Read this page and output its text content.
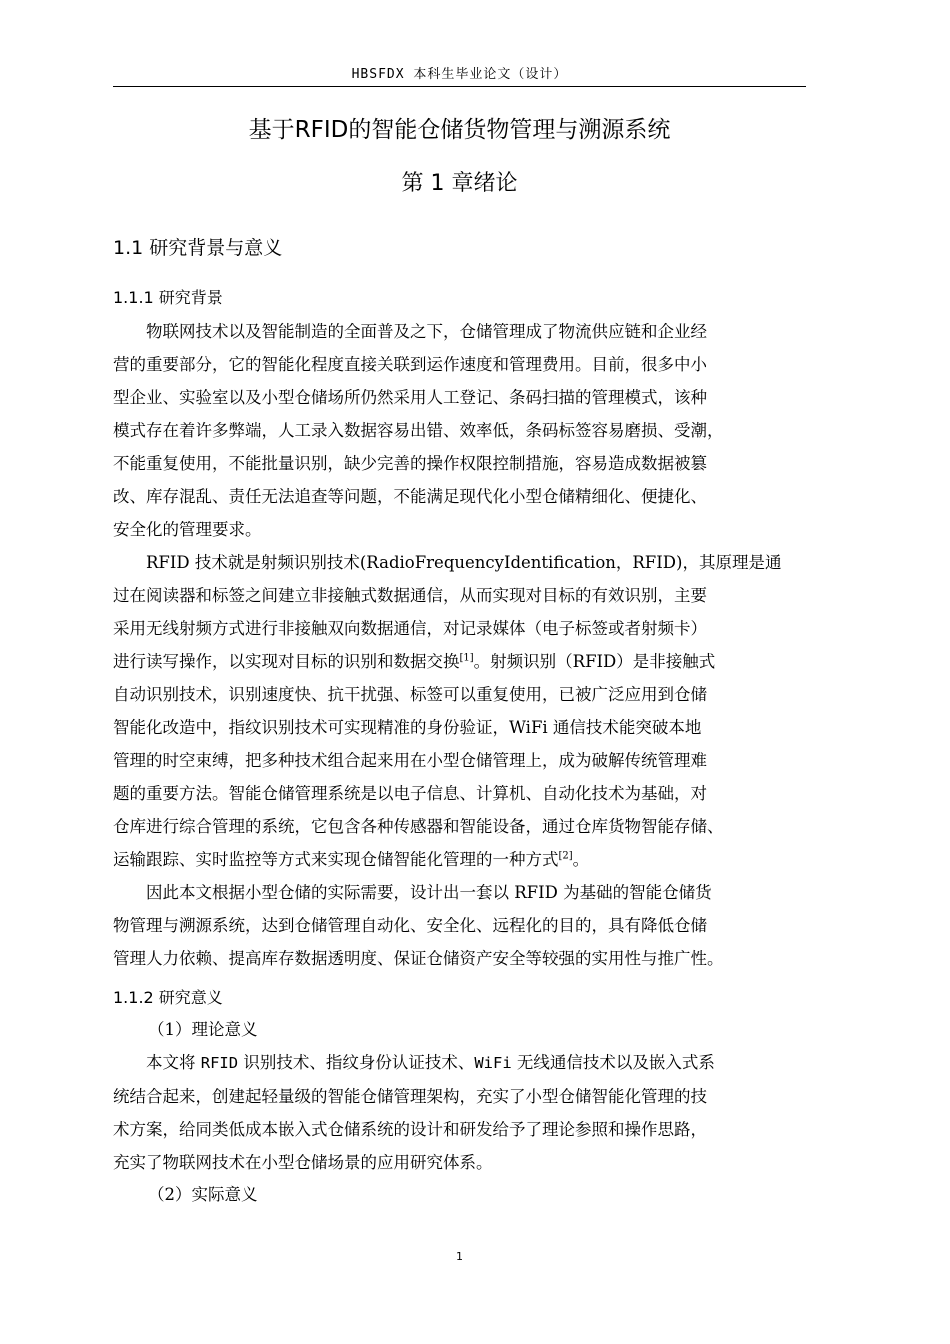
HBSFDX 本科生毕业论文（设计）
基于RFID的智能仓储货物管理与溯源系统
第 1 章绪论
1.1 研究背景与意义
1.1.1 研究背景
物联网技术以及智能制造的全面普及之下，仓储管理成了物流供应链和企业经
营的重要部分，它的智能化程度直接关联到运作速度和管理费用。目前，很多中小
型企业、实验室以及小型仓储场所仍然采用人工登记、条码扫描的管理模式，该种
模式存在着许多弊端，人工录入数据容易出错、效率低，条码标签容易磨损、受潮，
不能重复使用，不能批量识别，缺少完善的操作权限控制措施，容易造成数据被篡
改、库存混乱、责任无法追查等问题，不能满足现代化小型仓储精细化、便捷化、
安全化的管理要求。
RFID 技术就是射频识别技术(RadioFrequencyIdentification，RFID)，其原理是通
过在阅读器和标签之间建立非接触式数据通信，从而实现对目标的有效识别，主要
采用无线射频方式进行非接触双向数据通信，对记录媒体（电子标签或者射频卡）
进行读写操作，以实现对目标的识别和数据交换[1]。射频识别（RFID）是非接触式
自动识别技术，识别速度快、抗干扰强、标签可以重复使用，已被广泛应用到仓储
智能化改造中，指纹识别技术可实现精准的身份验证，WiFi 通信技术能突破本地
管理的时空束缚，把多种技术组合起来用在小型仓储管理上，成为破解传统管理难
题的重要方法。智能仓储管理系统是以电子信息、计算机、自动化技术为基础，对
仓库进行综合管理的系统，它包含各种传感器和智能设备，通过仓库货物智能存储、
运输跟踪、实时监控等方式来实现仓储智能化管理的一种方式[2]。
因此本文根据小型仓储的实际需要，设计出一套以 RFID 为基础的智能仓储货
物管理与溯源系统，达到仓储管理自动化、安全化、远程化的目的，具有降低仓储
管理人力依赖、提高库存数据透明度、保证仓储资产安全等较强的实用性与推广性。
1.1.2 研究意义
（1）理论意义
本文将 RFID 识别技术、指纹身份认证技术、WiFi 无线通信技术以及嵌入式系
统结合起来，创建起轻量级的智能仓储管理架构，充实了小型仓储智能化管理的技
术方案，给同类低成本嵌入式仓储系统的设计和研发给予了理论参照和操作思路，
充实了物联网技术在小型仓储场景的应用研究体系。
（2）实际意义
1
